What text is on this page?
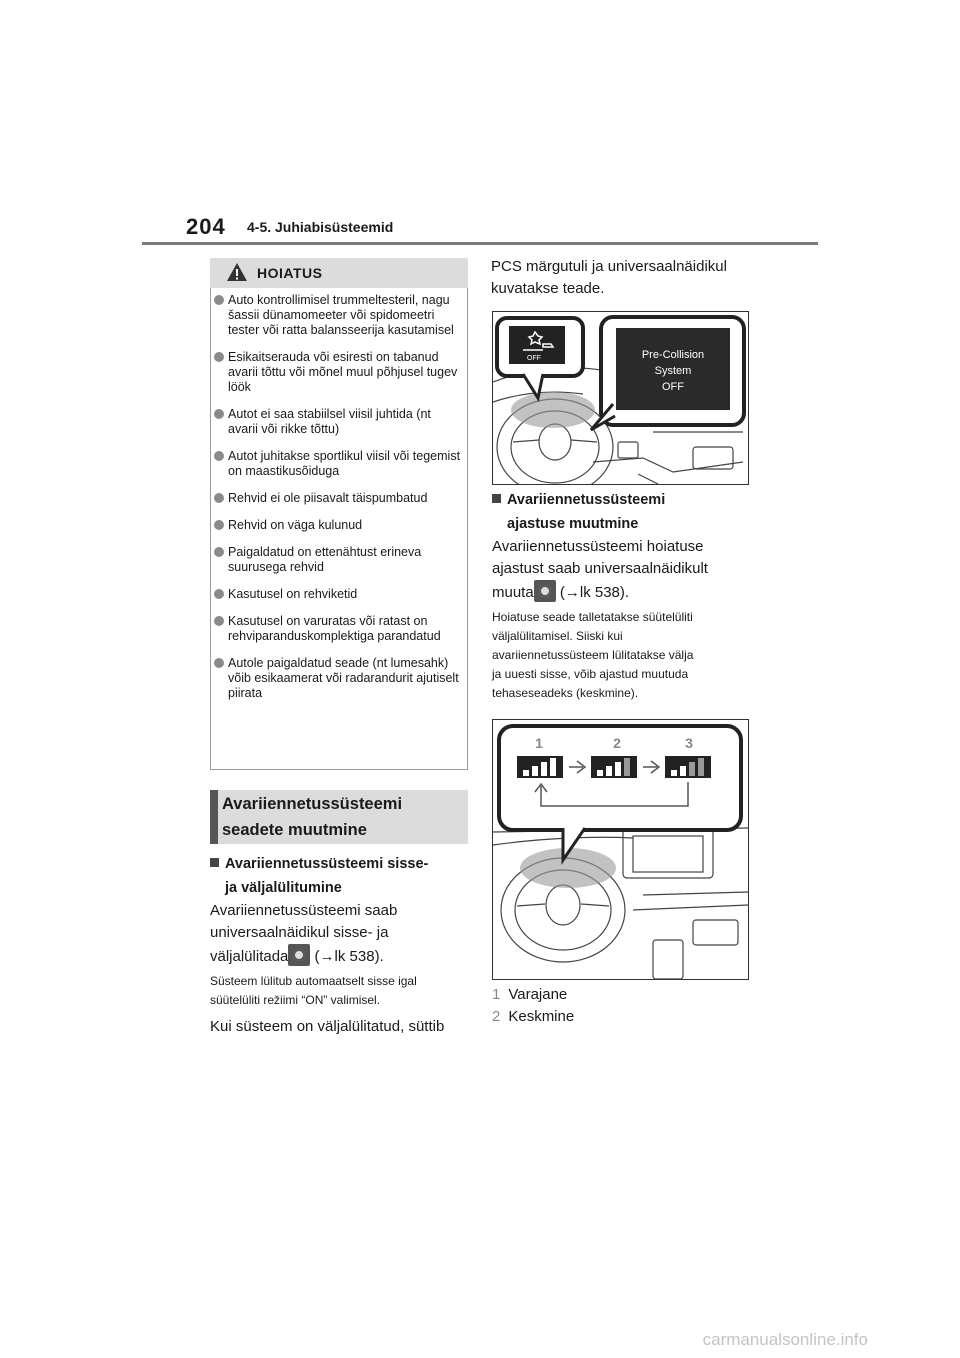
204 4-5. Juhiabisüsteemid
HOIATUS
Auto kontrollimisel trummeltesteril, nagu šassii dünamomeeter või spidomeetri tester või ratta balansseerija kasutamisel
Esikaitserauda või esiresti on tabanud avarii tõttu või mõnel muul põhjusel tugev löök
Autot ei saa stabiilsel viisil juhtida (nt avarii või rikke tõttu)
Autot juhitakse sportlikul viisil või tegemist on maastikusõiduga
Rehvid ei ole piisavalt täispumbatud
Rehvid on väga kulunud
Paigaldatud on ettenähtust erineva suurusega rehvid
Kasutusel on rehviketid
Kasutusel on varuratas või ratast on rehviparanduskomplektiga parandatud
Autole paigaldatud seade (nt lumesahk) võib esikaamerat või radarandurit ajutiselt piirata
Avariiennetussüsteemi
seadete muutmine
Avariiennetussüsteemi sisse-
ja väljalülitumine
Avariiennetussüsteemi saab
universaalnäidikul sisse- ja
väljalülitada (→lk 538).
Süsteem lülitub automaatselt sisse igal
süütelüliti režiimi “ON” valimisel.
Kui süsteem on väljalülitatud, süttib
PCS märgutuli ja universaalnäidikul
kuvatakse teade.
OFF	Pre-Collision
System
OFF
Avariiennetussüsteemi
ajastuse muutmine
Avariiennetussüsteemi hoiatuse
ajastust saab universaalnäidikult
muuta (→lk 538).
Hoiatuse seade talletatakse süütelüliti
väljalülitamisel. Siiski kui
avariiennetussüsteem lülitatakse välja
ja uuesti sisse, võib ajastud muutuda
tehaseseadeks (keskmine).
1	2	3
1 Varajane
2 Keskmine
carmanualsonline.info
